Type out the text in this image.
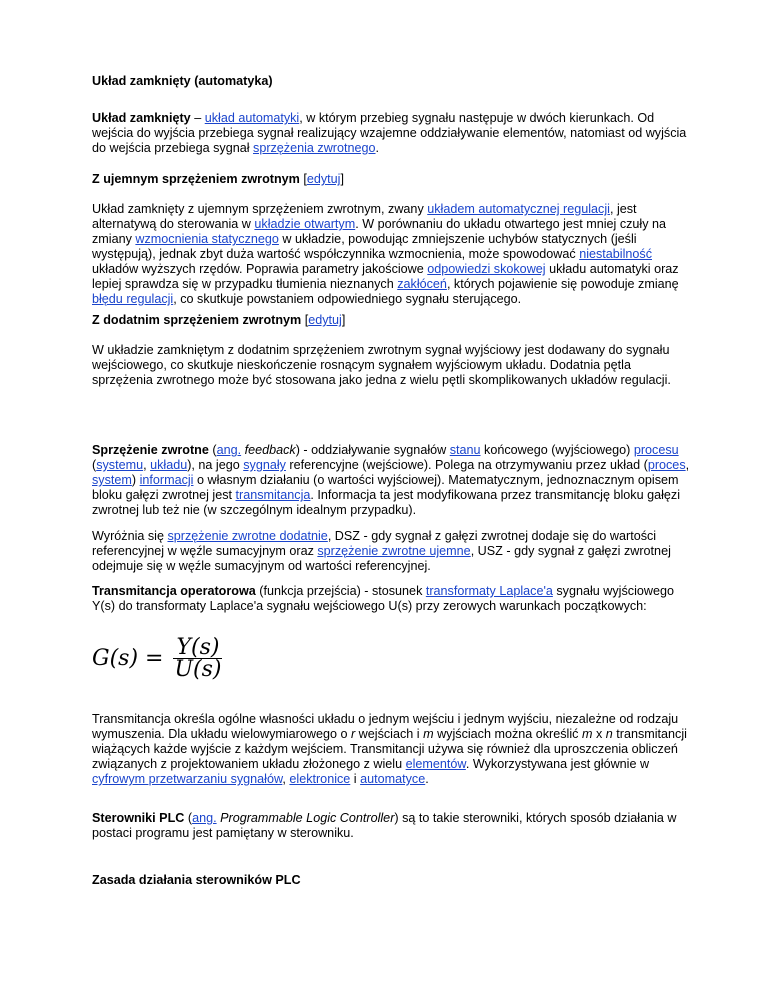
Układ zamknięty (automatyka)

Układ zamknięty – układ automatyki, w którym przebieg sygnału następuje w dwóch kierunkach. Od wejścia do wyjścia przebiega sygnał realizujący wzajemne oddziaływanie elementów, natomiast od wyjścia do wejścia przebiega sygnał sprzężenia zwrotnego.

Z ujemnym sprzężeniem zwrotnym [edytuj]

Układ zamknięty z ujemnym sprzężeniem zwrotnym, zwany układem automatycznej regulacji, jest alternatywą do sterowania w układzie otwartym. W porównaniu do układu otwartego jest mniej czuły na zmiany wzmocnienia statycznego w układzie, powodując zmniejszenie uchybów statycznych (jeśli występują), jednak zbyt duża wartość współczynnika wzmocnienia, może spowodować niestabilność układów wyższych rzędów. Poprawia parametry jakościowe odpowiedzi skokowej układu automatyki oraz lepiej sprawdza się w przypadku tłumienia nieznanych zakłóceń, których pojawienie się powoduje zmianę błędu regulacji, co skutkuje powstaniem odpowiedniego sygnału sterującego.

Z dodatnim sprzężeniem zwrotnym [edytuj]

W układzie zamkniętym z dodatnim sprzężeniem zwrotnym sygnał wyjściowy jest dodawany do sygnału wejściowego, co skutkuje nieskończenie rosnącym sygnałem wyjściowym układu. Dodatnia pętla sprzężenia zwrotnego może być stosowana jako jedna z wielu pętli skomplikowanych układów regulacji.

Sprzężenie zwrotne (ang. feedback) - oddziaływanie sygnałów stanu końcowego (wyjściowego) procesu (systemu, układu), na jego sygnały referencyjne (wejściowe). Polega na otrzymywaniu przez układ (proces, system) informacji o własnym działaniu (o wartości wyjściowej). Matematycznym, jednoznacznym opisem bloku gałęzi zwrotnej jest transmitancja. Informacja ta jest modyfikowana przez transmitancję bloku gałęzi zwrotnej lub też nie (w szczególnym idealnym przypadku).

Wyróżnia się sprzężenie zwrotne dodatnie, DSZ - gdy sygnał z gałęzi zwrotnej dodaje się do wartości referencyjnej w węźle sumacyjnym oraz sprzężenie zwrotne ujemne, USZ - gdy sygnał z gałęzi zwrotnej odejmuje się w węźle sumacyjnym od wartości referencyjnej.

Transmitancja operatorowa (funkcja przejścia) - stosunek transformaty Laplace'a sygnału wyjściowego Y(s) do transformaty Laplace'a sygnału wejściowego U(s) przy zerowych warunkach początkowych:

$G(s) = \frac{Y(s)}{U(s)}$

Transmitancja określa ogólne własności układu o jednym wejściu i jednym wyjściu, niezależne od rodzaju wymuszenia. Dla układu wielowymiarowego o r wejściach i m wyjściach można określić m x n transmitancji wiążących każde wyjście z każdym wejściem. Transmitancji używa się również dla uproszczenia obliczeń związanych z projektowaniem układu złożonego z wielu elementów. Wykorzystywana jest głównie w cyfrowym przetwarzaniu sygnałów, elektronice i automatyce.

Sterowniki PLC (ang. Programmable Logic Controller) są to takie sterowniki, których sposób działania w postaci programu jest pamiętany w sterowniku.

Zasada działania sterowników PLC
